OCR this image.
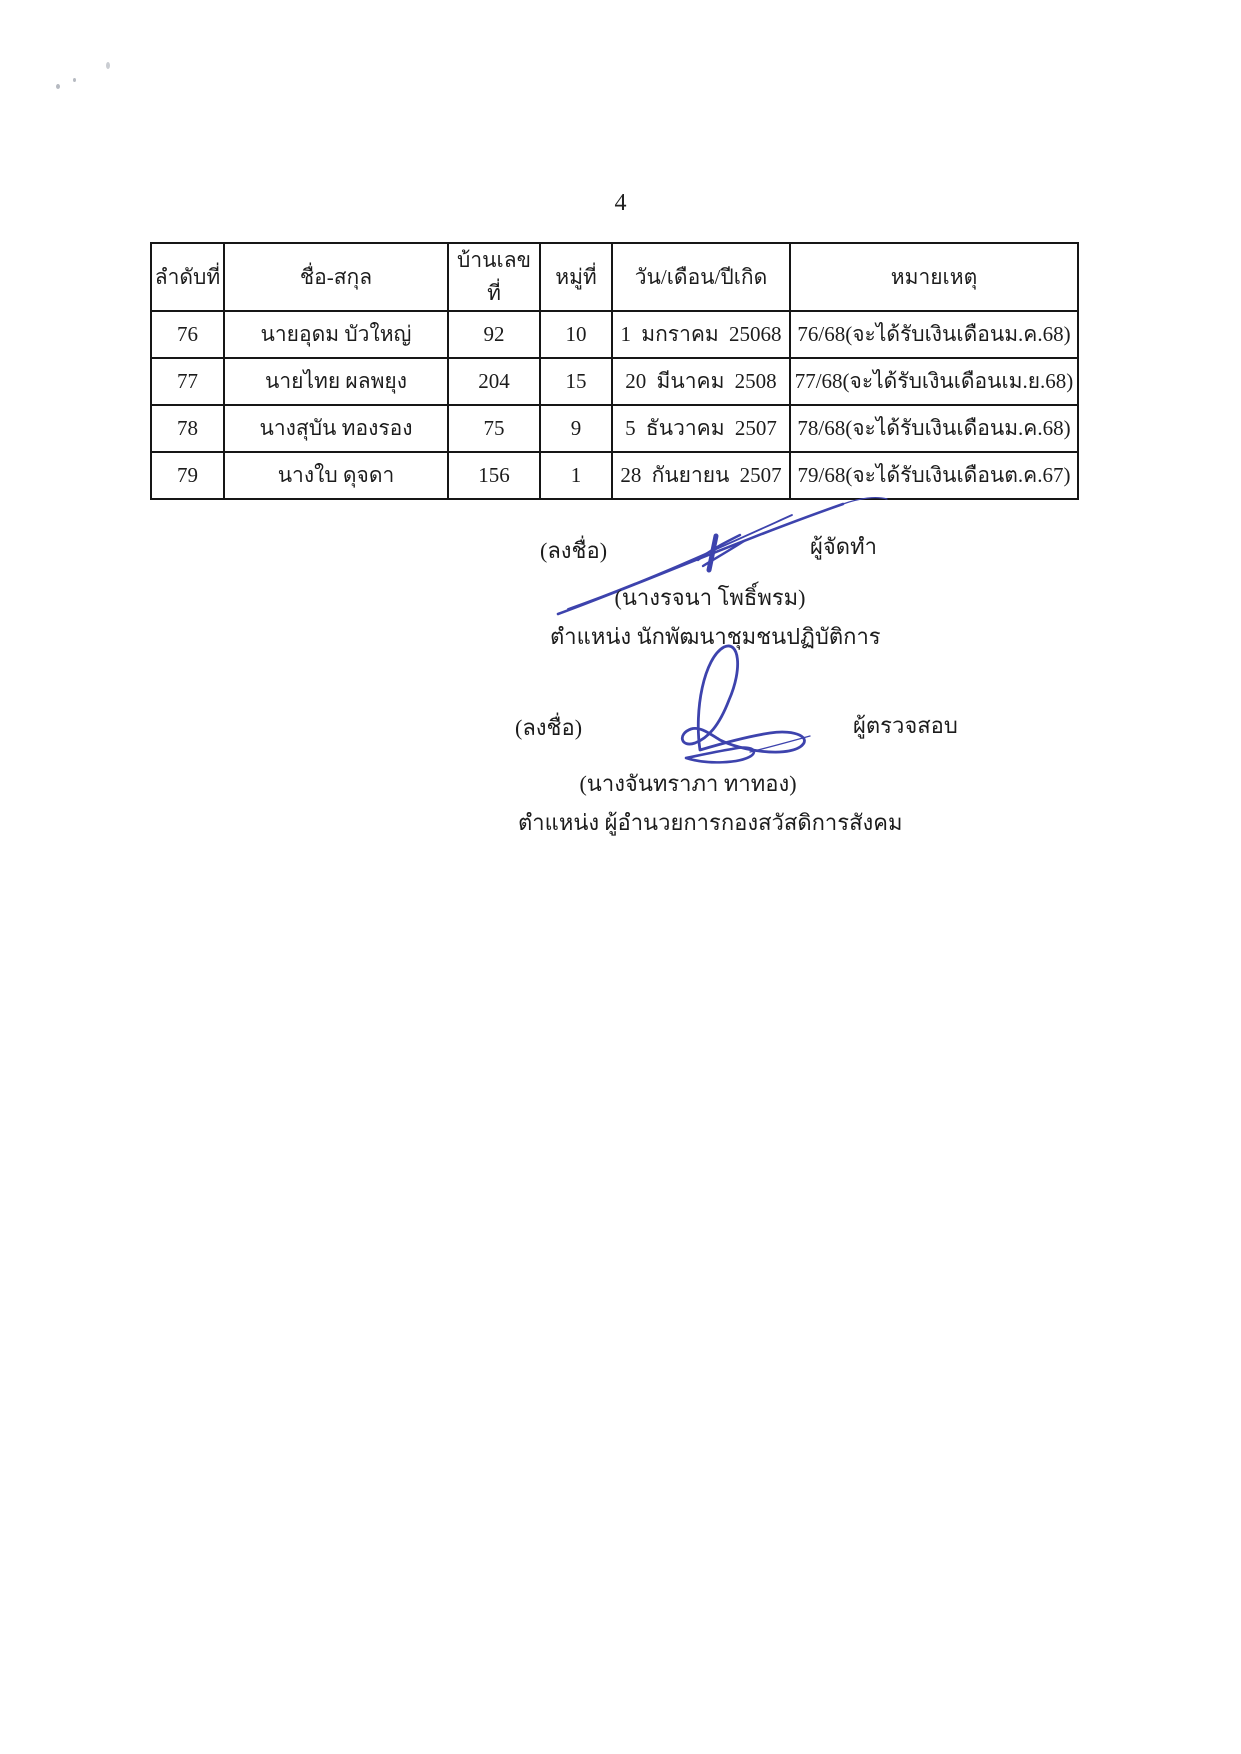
4
ลำดับที่	ชื่อ-สกุล	บ้านเลขที่	หมู่ที่	วัน/เดือน/ปีเกิด	หมายเหตุ
76	นายอุดม บัวใหญ่	92	10	1 มกราคม 25068	76/68(จะได้รับเงินเดือนม.ค.68)
77	นายไทย ผลพยุง	204	15	20 มีนาคม 2508	77/68(จะได้รับเงินเดือนเม.ย.68)
78	นางสุบัน ทองรอง	75	9	5 ธันวาคม 2507	78/68(จะได้รับเงินเดือนม.ค.68)
79	นางใบ ดุจดา	156	1	28 กันยายน 2507	79/68(จะได้รับเงินเดือนต.ค.67)
(ลงชื่อ)	ผู้จัดทำ
(นางรจนา โพธิ์พรม)
ตำแหน่ง นักพัฒนาชุมชนปฏิบัติการ
(ลงชื่อ)	ผู้ตรวจสอบ
(นางจันทราภา ทาทอง)
ตำแหน่ง ผู้อำนวยการกองสวัสดิการสังคม
